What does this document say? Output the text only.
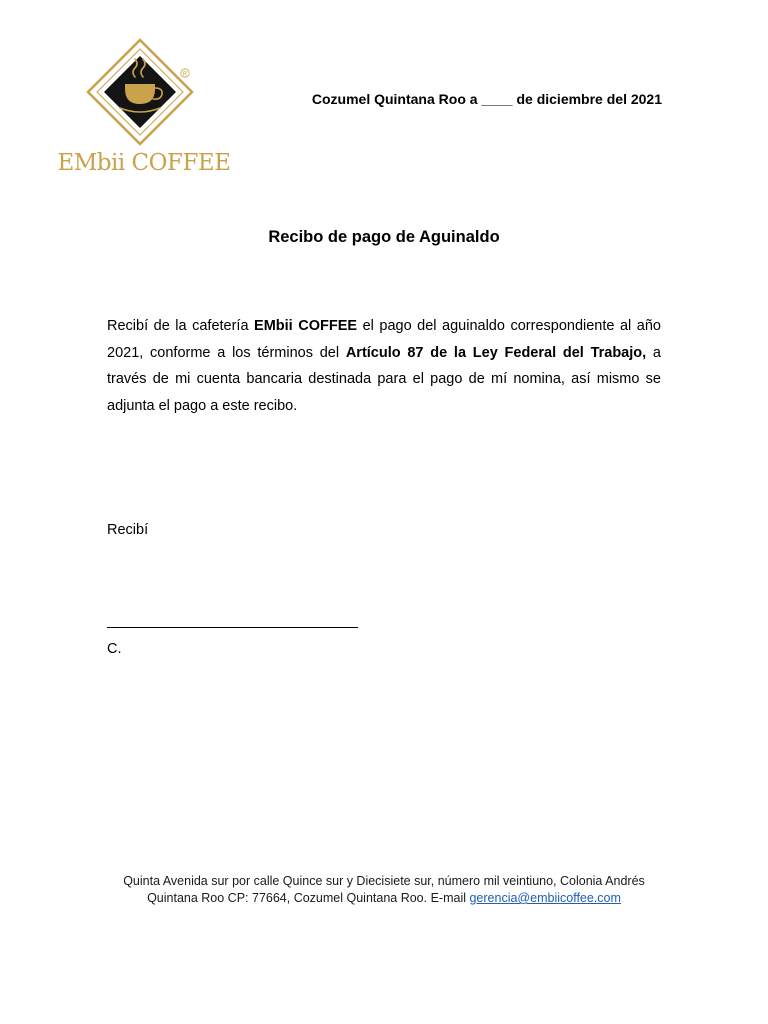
R
EMbii COFFEE
Cozumel Quintana Roo a ____ de diciembre del 2021
Recibo de pago de Aguinaldo
Recibí de la cafetería EMbii COFFEE el pago del aguinaldo correspondiente al año 2021, conforme a los términos del Artículo 87 de la Ley Federal del Trabajo, a través de mi cuenta bancaria destinada para el pago de mí nomina, así mismo se adjunta el pago a este recibo.
Recibí
C.
Quinta Avenida sur por calle Quince sur y Diecisiete sur, número mil veintiuno, Colonia Andrés
Quintana Roo CP: 77664, Cozumel Quintana Roo. E-mail gerencia@embiicoffee.com
